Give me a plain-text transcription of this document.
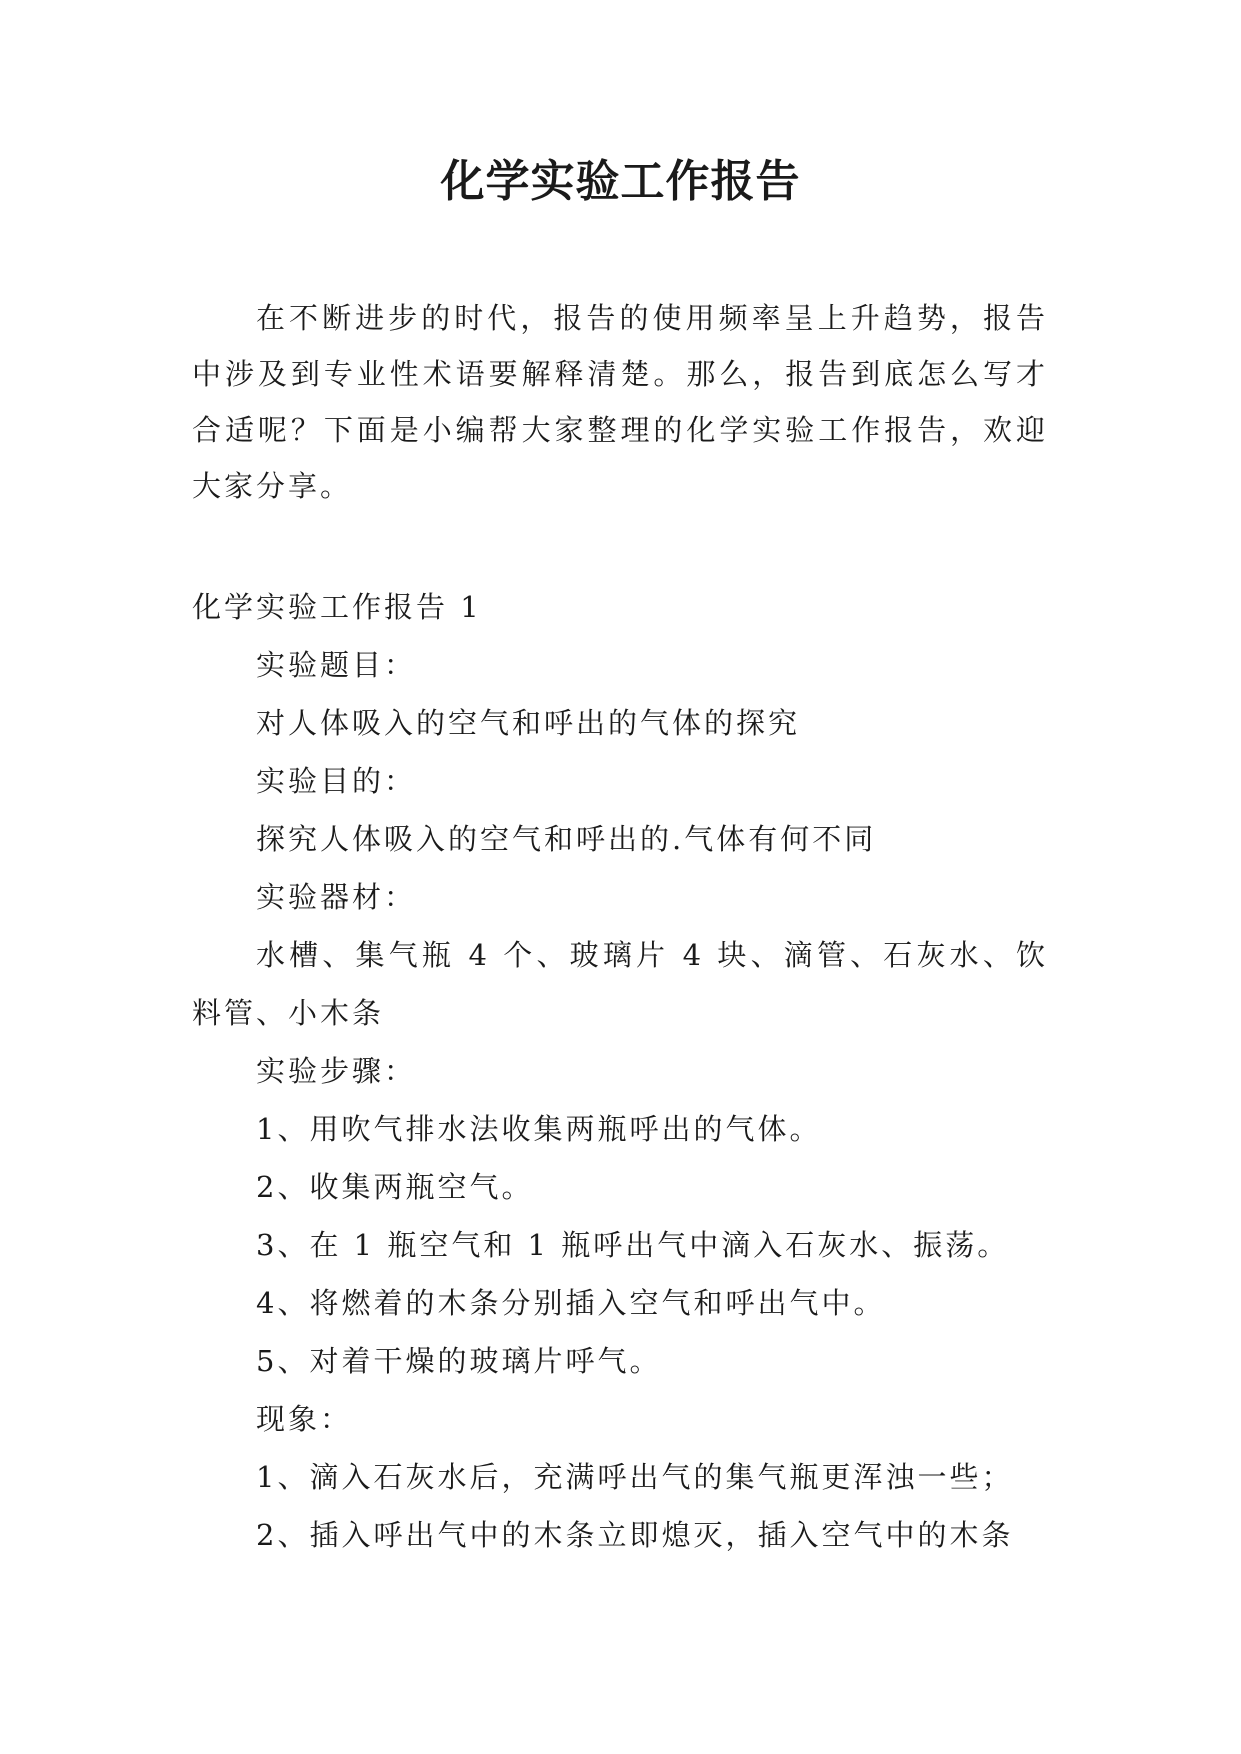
化学实验工作报告

在不断进步的时代，报告的使用频率呈上升趋势，报告中涉及到专业性术语要解释清楚。那么，报告到底怎么写才合适呢？下面是小编帮大家整理的化学实验工作报告，欢迎大家分享。

化学实验工作报告 1

实验题目：

对人体吸入的空气和呼出的气体的探究

实验目的：

探究人体吸入的空气和呼出的.气体有何不同

实验器材：

水槽、集气瓶 4 个、玻璃片 4 块、滴管、石灰水、饮料管、小木条

实验步骤：

1、用吹气排水法收集两瓶呼出的气体。

2、收集两瓶空气。

3、在 1 瓶空气和 1 瓶呼出气中滴入石灰水、振荡。

4、将燃着的木条分别插入空气和呼出气中。

5、对着干燥的玻璃片呼气。

现象：

1、滴入石灰水后，充满呼出气的集气瓶更浑浊一些；

2、插入呼出气中的木条立即熄灭，插入空气中的木条
